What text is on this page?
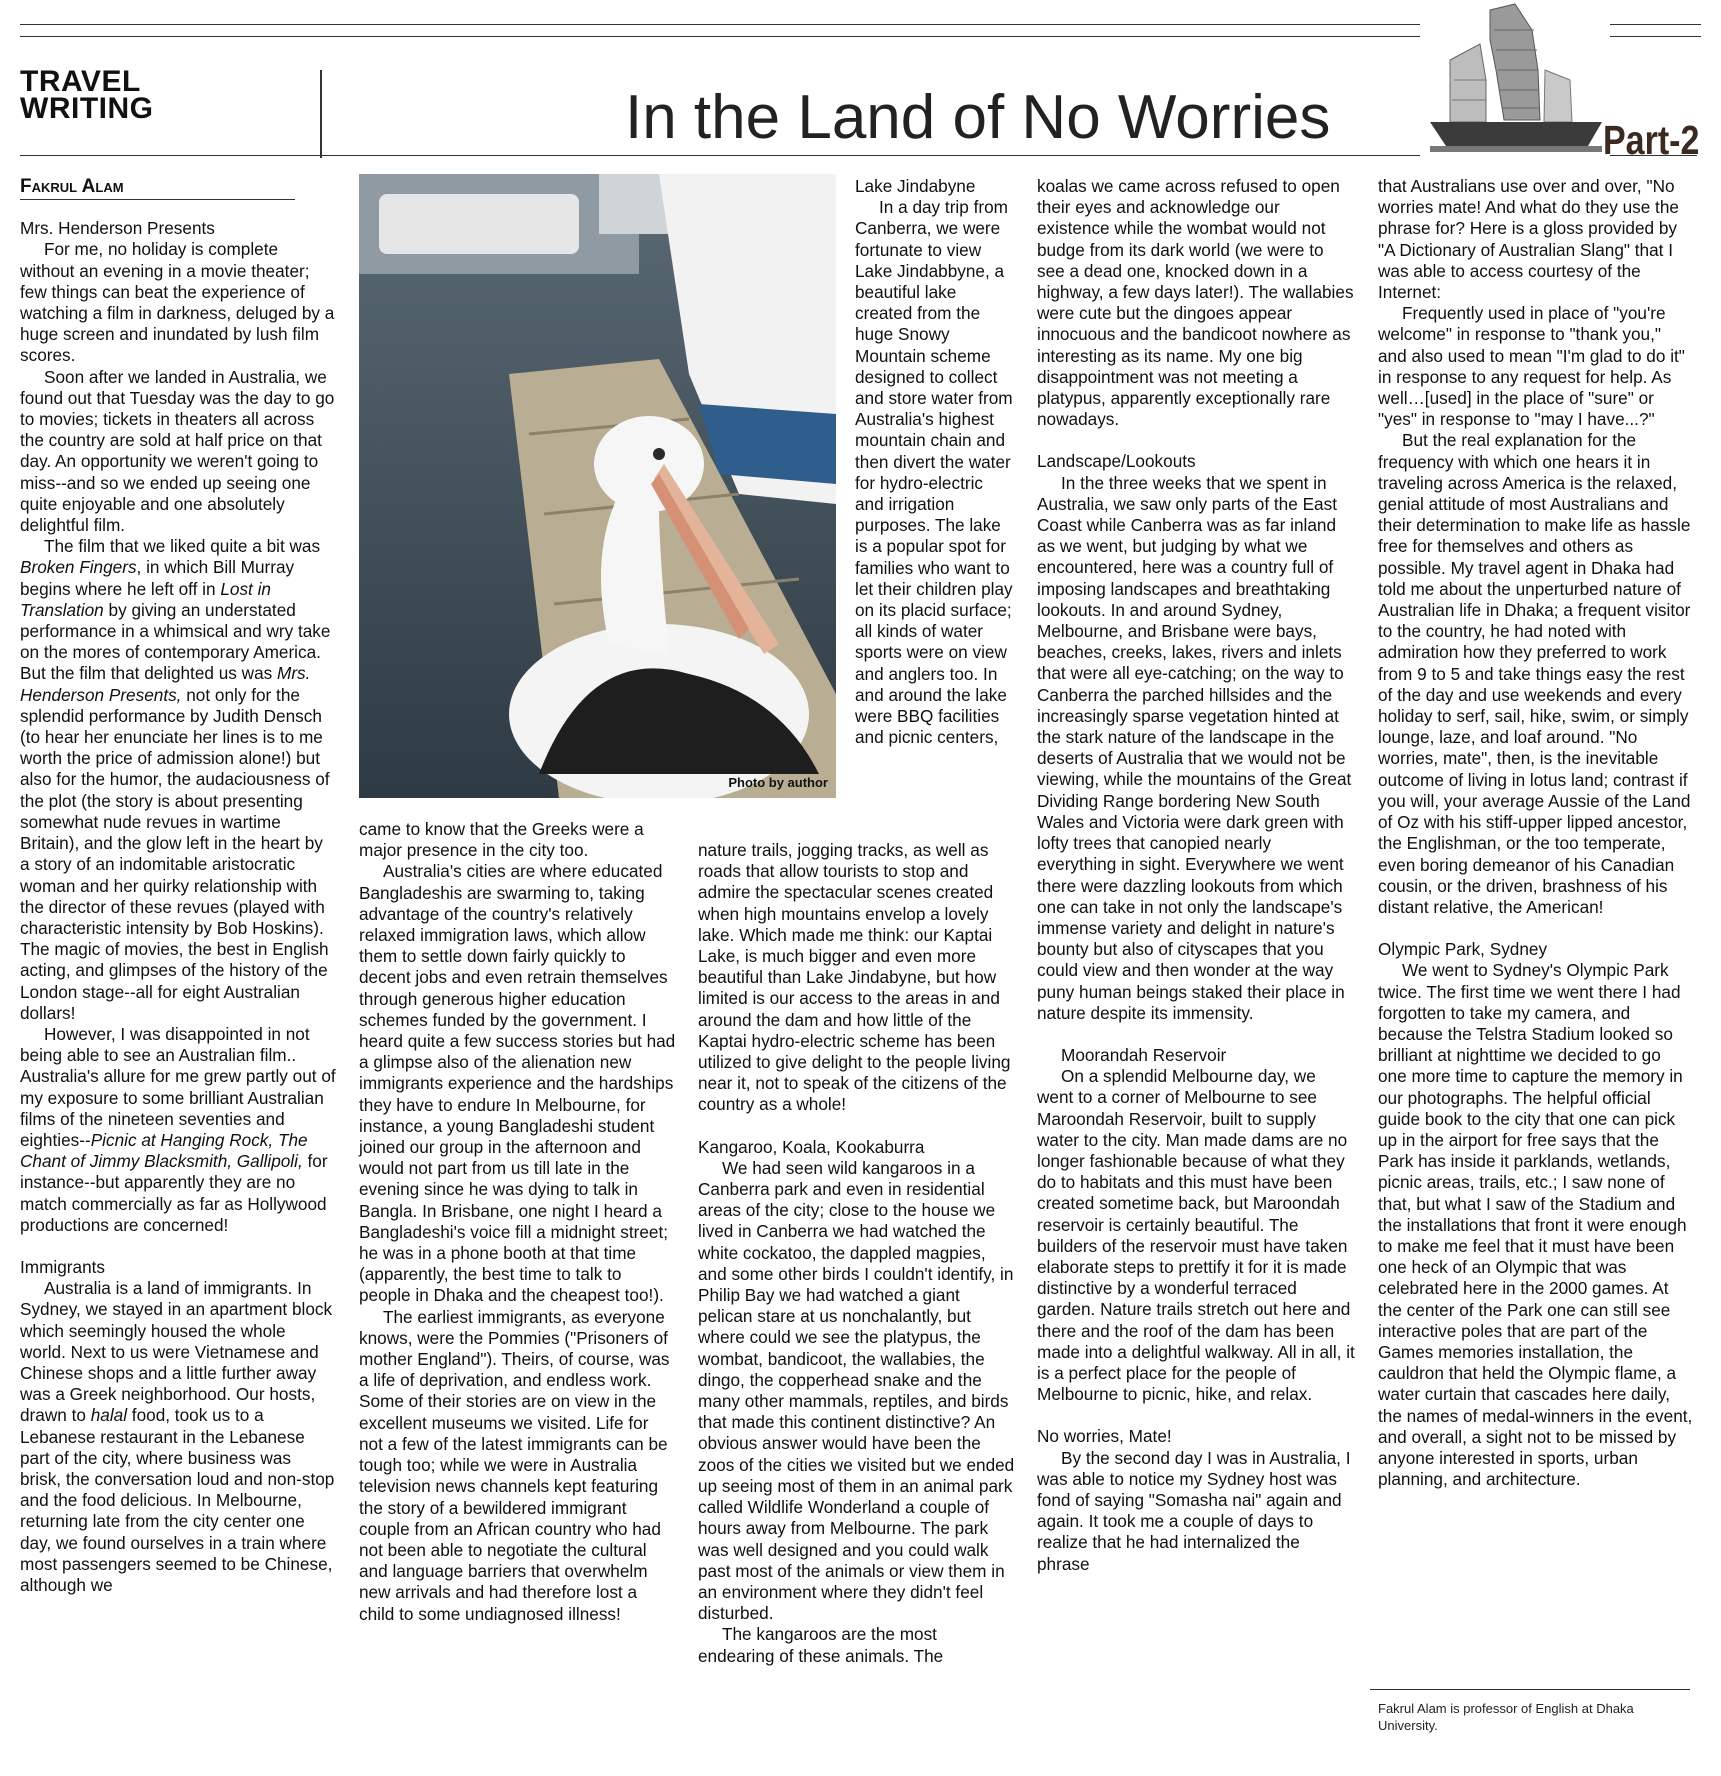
TRAVEL
WRITING	In the Land of No Worries	Part-2
Fakrul Alam

Mrs. Henderson Presents

For me, no holiday is complete without an evening in a movie theater; few things can beat the experience of watching a film in darkness, deluged by a huge screen and inundated by lush film scores.

Soon after we landed in Australia, we found out that Tuesday was the day to go to movies; tickets in theaters all across the country are sold at half price on that day. An opportunity we weren't going to miss--and so we ended up seeing one quite enjoyable and one absolutely delightful film.

The film that we liked quite a bit was Broken Fingers, in which Bill Murray begins where he left off in Lost in Translation by giving an understated performance in a whimsical and wry take on the mores of contemporary America. But the film that delighted us was Mrs. Henderson Presents, not only for the splendid performance by Judith Densch (to hear her enunciate her lines is to me worth the price of admission alone!) but also for the humor, the audaciousness of the plot (the story is about presenting somewhat nude revues in wartime Britain), and the glow left in the heart by a story of an indomitable aristocratic woman and her quirky relationship with the director of these revues (played with characteristic intensity by Bob Hoskins). The magic of movies, the best in English acting, and glimpses of the history of the London stage--all for eight Australian dollars!

However, I was disappointed in not being able to see an Australian film.. Australia's allure for me grew partly out of my exposure to some brilliant Australian films of the nineteen seventies and eighties--Picnic at Hanging Rock, The Chant of Jimmy Blacksmith, Gallipoli, for instance--but apparently they are no match commercially as far as Hollywood productions are concerned!

Immigrants

Australia is a land of immigrants. In Sydney, we stayed in an apartment block which seemingly housed the whole world. Next to us were Vietnamese and Chinese shops and a little further away was a Greek neighborhood. Our hosts, drawn to halal food, took us to a Lebanese restaurant in the Lebanese part of the city, where business was brisk, the conversation loud and non-stop and the food delicious. In Melbourne, returning late from the city center one day, we found ourselves in a train where most passengers seemed to be Chinese, although we

Photo by author

came to know that the Greeks were a major presence in the city too.

Australia's cities are where educated Bangladeshis are swarming to, taking advantage of the country's relatively relaxed immigration laws, which allow them to settle down fairly quickly to decent jobs and even retrain themselves through generous higher education schemes funded by the government. I heard quite a few success stories but had a glimpse also of the alienation new immigrants experience and the hardships they have to endure In Melbourne, for instance, a young Bangladeshi student joined our group in the afternoon and would not part from us till late in the evening since he was dying to talk in Bangla. In Brisbane, one night I heard a Bangladeshi's voice fill a midnight street; he was in a phone booth at that time (apparently, the best time to talk to people in Dhaka and the cheapest too!).

The earliest immigrants, as everyone knows, were the Pommies ("Prisoners of mother England"). Theirs, of course, was a life of deprivation, and endless work. Some of their stories are on view in the excellent museums we visited. Life for not a few of the latest immigrants can be tough too; while we were in Australia television news channels kept featuring the story of a bewildered immigrant couple from an African country who had not been able to negotiate the cultural and language barriers that overwhelm new arrivals and had therefore lost a child to some undiagnosed illness!

Lake Jindabyne

In a day trip from Canberra, we were fortunate to view Lake Jindabbyne, a beautiful lake created from the huge Snowy Mountain scheme designed to collect and store water from Australia's highest mountain chain and then divert the water for hydro-electric and irrigation purposes. The lake is a popular spot for families who want to let their children play on its placid surface; all kinds of water sports were on view and anglers too. In and around the lake were BBQ facilities and picnic centers,

nature trails, jogging tracks, as well as roads that allow tourists to stop and admire the spectacular scenes created when high mountains envelop a lovely lake. Which made me think: our Kaptai Lake, is much bigger and even more beautiful than Lake Jindabyne, but how limited is our access to the areas in and around the dam and how little of the Kaptai hydro-electric scheme has been utilized to give delight to the people living near it, not to speak of the citizens of the country as a whole!

Kangaroo, Koala, Kookaburra

We had seen wild kangaroos in a Canberra park and even in residential areas of the city; close to the house we lived in Canberra we had watched the white cockatoo, the dappled magpies, and some other birds I couldn't identify, in Philip Bay we had watched a giant pelican stare at us nonchalantly, but where could we see the platypus, the wombat, bandicoot, the wallabies, the dingo, the copperhead snake and the many other mammals, reptiles, and birds that made this continent distinctive? An obvious answer would have been the zoos of the cities we visited but we ended up seeing most of them in an animal park called Wildlife Wonderland a couple of hours away from Melbourne. The park was well designed and you could walk past most of the animals or view them in an environment where they didn't feel disturbed.

The kangaroos are the most endearing of these animals. The

koalas we came across refused to open their eyes and acknowledge our existence while the wombat would not budge from its dark world (we were to see a dead one, knocked down in a highway, a few days later!). The wallabies were cute but the dingoes appear innocuous and the bandicoot nowhere as interesting as its name. My one big disappointment was not meeting a platypus, apparently exceptionally rare nowadays.

Landscape/Lookouts

In the three weeks that we spent in Australia, we saw only parts of the East Coast while Canberra was as far inland as we went, but judging by what we encountered, here was a country full of imposing landscapes and breathtaking lookouts. In and around Sydney, Melbourne, and Brisbane were bays, beaches, creeks, lakes, rivers and inlets that were all eye-catching; on the way to Canberra the parched hillsides and the increasingly sparse vegetation hinted at the stark nature of the landscape in the deserts of Australia that we would not be viewing, while the mountains of the Great Dividing Range bordering New South Wales and Victoria were dark green with lofty trees that canopied nearly everything in sight. Everywhere we went there were dazzling lookouts from which one can take in not only the landscape's immense variety and delight in nature's bounty but also of cityscapes that you could view and then wonder at the way puny human beings staked their place in nature despite its immensity.

Moorandah Reservoir

On a splendid Melbourne day, we went to a corner of Melbourne to see Maroondah Reservoir, built to supply water to the city. Man made dams are no longer fashionable because of what they do to habitats and this must have been created sometime back, but Maroondah reservoir is certainly beautiful. The builders of the reservoir must have taken elaborate steps to prettify it for it is made distinctive by a wonderful terraced garden. Nature trails stretch out here and there and the roof of the dam has been made into a delightful walkway. All in all, it is a perfect place for the people of Melbourne to picnic, hike, and relax.

No worries, Mate!

By the second day I was in Australia, I was able to notice my Sydney host was fond of saying "Somasha nai" again and again. It took me a couple of days to realize that he had internalized the phrase

that Australians use over and over, "No worries mate! And what do they use the phrase for? Here is a gloss provided by "A Dictionary of Australian Slang" that I was able to access courtesy of the Internet:

Frequently used in place of "you're welcome" in response to "thank you," and also used to mean "I'm glad to do it" in response to any request for help. As well…[used] in the place of "sure" or "yes" in response to "may I have...?"

But the real explanation for the frequency with which one hears it in traveling across America is the relaxed, genial attitude of most Australians and their determination to make life as hassle free for themselves and others as possible. My travel agent in Dhaka had told me about the unperturbed nature of Australian life in Dhaka; a frequent visitor to the country, he had noted with admiration how they preferred to work from 9 to 5 and take things easy the rest of the day and use weekends and every holiday to serf, sail, hike, swim, or simply lounge, laze, and loaf around. "No worries, mate", then, is the inevitable outcome of living in lotus land; contrast if you will, your average Aussie of the Land of Oz with his stiff-upper lipped ancestor, the Englishman, or the too temperate, even boring demeanor of his Canadian cousin, or the driven, brashness of his distant relative, the American!

Olympic Park, Sydney

We went to Sydney's Olympic Park twice. The first time we went there I had forgotten to take my camera, and because the Telstra Stadium looked so brilliant at nighttime we decided to go one more time to capture the memory in our photographs. The helpful official guide book to the city that one can pick up in the airport for free says that the Park has inside it parklands, wetlands, picnic areas, trails, etc.; I saw none of that, but what I saw of the Stadium and the installations that front it were enough to make me feel that it must have been one heck of an Olympic that was celebrated here in the 2000 games. At the center of the Park one can still see interactive poles that are part of the Games memories installation, the cauldron that held the Olympic flame, a water curtain that cascades here daily, the names of medal-winners in the event, and overall, a sight not to be missed by anyone interested in sports, urban planning, and architecture.

Fakrul Alam is professor of English at Dhaka University.
